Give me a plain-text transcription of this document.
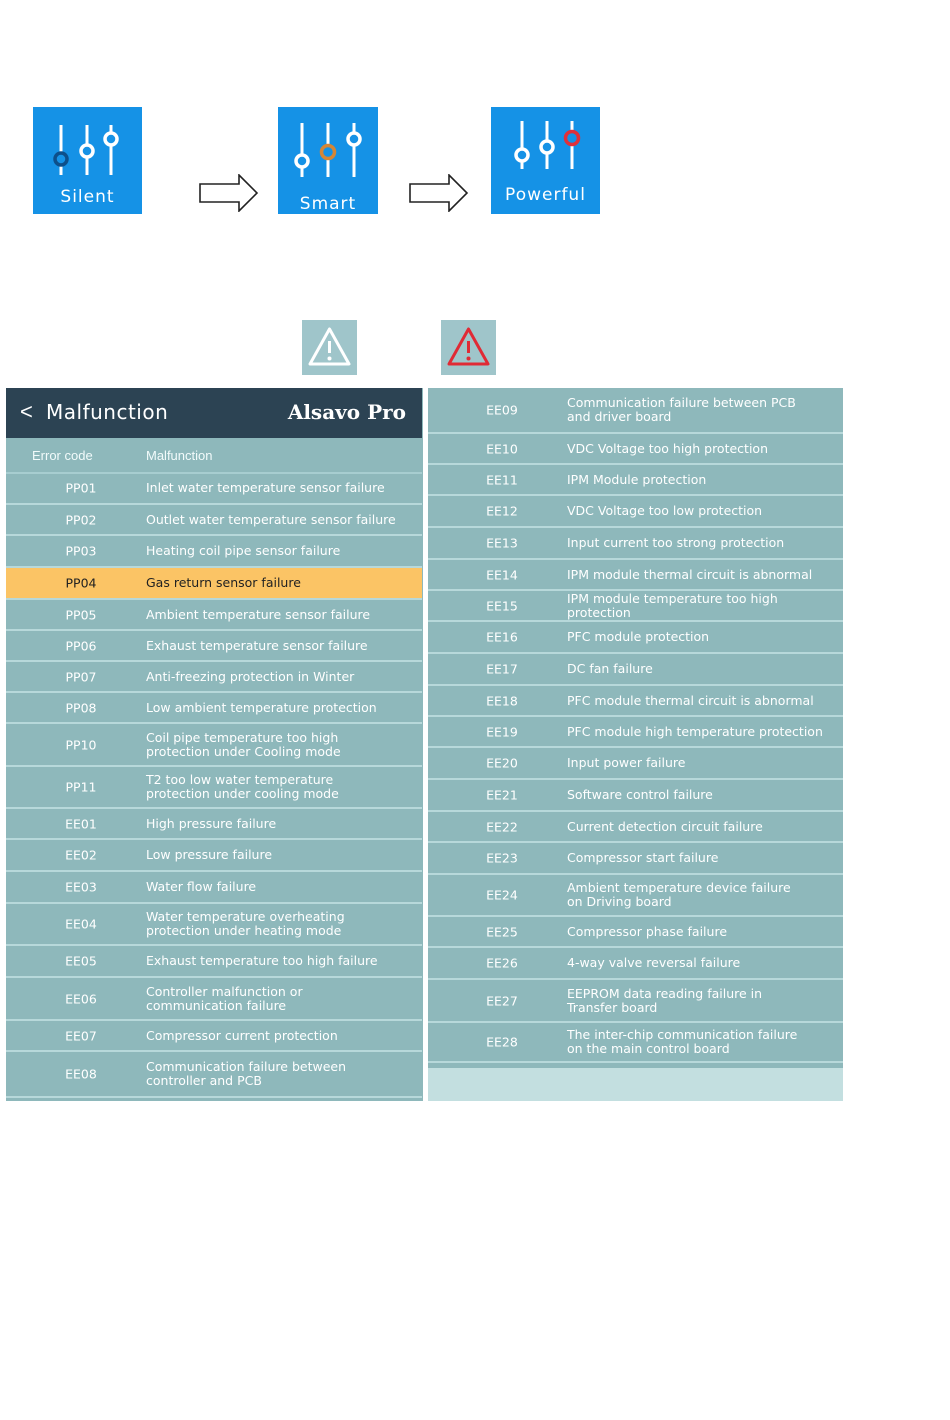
Silent	Smart	Powerful
< Malfunction	Alsavo Pro
Error code	Malfunction
PP01	Inlet water temperature sensor failure
PP02	Outlet water temperature sensor failure
PP03	Heating coil pipe sensor failure
PP04	Gas return sensor failure
PP05	Ambient temperature sensor failure
PP06	Exhaust temperature sensor failure
PP07	Anti-freezing protection in Winter
PP08	Low ambient temperature protection
PP10	Coil pipe temperature too high
protection under Cooling mode
PP11	T2 too low water temperature
protection under cooling mode
EE01	High pressure failure
EE02	Low pressure failure
EE03	Water flow failure
EE04	Water temperature overheating
protection under heating mode
EE05	Exhaust temperature too high failure
EE06	Controller malfunction or
communication failure
EE07	Compressor current protection
EE08	Communication failure between
controller and PCB
EE09	Communication failure between PCB
and driver board
EE10	VDC Voltage too high protection
EE11	IPM Module protection
EE12	VDC Voltage too low protection
EE13	Input current too strong protection
EE14	IPM module thermal circuit is abnormal
EE15	IPM module temperature too high protection
EE16	PFC module protection
EE17	DC fan failure
EE18	PFC module thermal circuit is abnormal
EE19	PFC module high temperature protection
EE20	Input power failure
EE21	Software control failure
EE22	Current detection circuit failure
EE23	Compressor start failure
EE24	Ambient temperature device failure
on Driving board
EE25	Compressor phase failure
EE26	4-way valve reversal failure
EE27	EEPROM data reading failure in
Transfer board
EE28	The inter-chip communication failure
on the main control board
